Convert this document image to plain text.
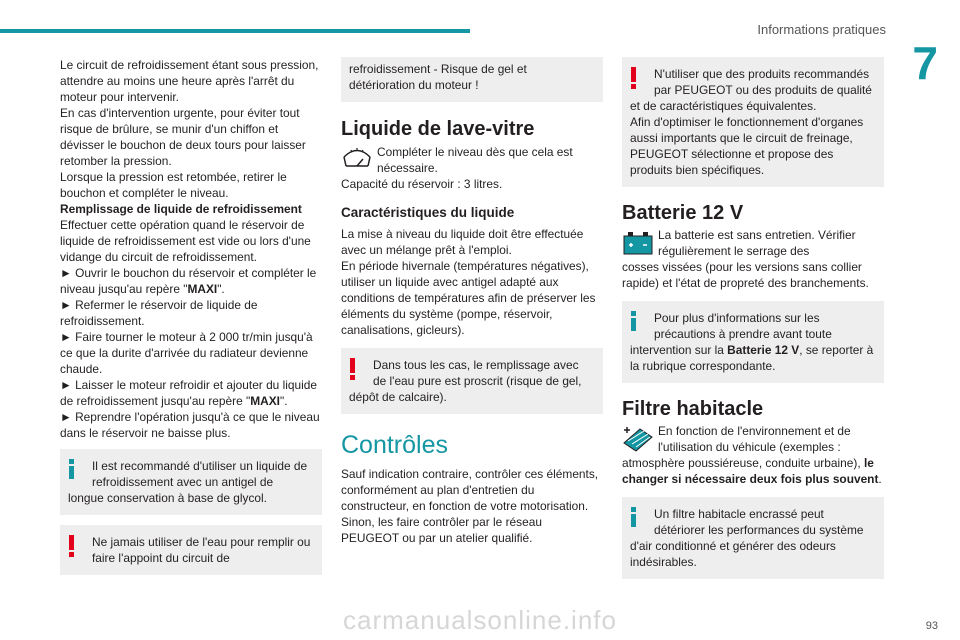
Informations pratiques
7
Le circuit de refroidissement étant sous pression, attendre au moins une heure après l'arrêt du moteur pour intervenir.
En cas d'intervention urgente, pour éviter tout risque de brûlure, se munir d'un chiffon et dévisser le bouchon de deux tours pour laisser retomber la pression.
Lorsque la pression est retombée, retirer le bouchon et compléter le niveau.
Remplissage de liquide de refroidissement
Effectuer cette opération quand le réservoir de liquide de refroidissement est vide ou lors d'une vidange du circuit de refroidissement.
► Ouvrir le bouchon du réservoir et compléter le niveau jusqu'au repère "MAXI".
► Refermer le réservoir de liquide de refroidissement.
► Faire tourner le moteur à 2 000 tr/min jusqu'à ce que la durite d'arrivée du radiateur devienne chaude.
► Laisser le moteur refroidir et ajouter du liquide de refroidissement jusqu'au repère "MAXI".
► Reprendre l'opération jusqu'à ce que le niveau dans le réservoir ne baisse plus.
Il est recommandé d'utiliser un liquide de refroidissement avec un antigel de
longue conservation à base de glycol.
Ne jamais utiliser de l'eau pour remplir ou faire l'appoint du circuit de
refroidissement - Risque de gel et détérioration du moteur !
Liquide de lave-vitre
Compléter le niveau dès que cela est nécessaire.
Capacité du réservoir : 3 litres.
Caractéristiques du liquide
La mise à niveau du liquide doit être effectuée avec un mélange prêt à l'emploi.
En période hivernale (températures négatives), utiliser un liquide avec antigel adapté aux conditions de températures afin de préserver les éléments du système (pompe, réservoir, canalisations, gicleurs).
Dans tous les cas, le remplissage avec de l'eau pure est proscrit (risque de gel,
dépôt de calcaire).
Contrôles
Sauf indication contraire, contrôler ces éléments, conformément au plan d'entretien du constructeur, en fonction de votre motorisation. Sinon, les faire contrôler par le réseau PEUGEOT ou par un atelier qualifié.
N'utiliser que des produits recommandés par PEUGEOT ou des produits de qualité
et de caractéristiques équivalentes.
Afin d'optimiser le fonctionnement d'organes aussi importants que le circuit de freinage, PEUGEOT sélectionne et propose des produits bien spécifiques.
Batterie 12 V
La batterie est sans entretien. Vérifier régulièrement le serrage des
cosses vissées (pour les versions sans collier rapide) et l'état de propreté des branchements.
Pour plus d'informations sur les précautions à prendre avant toute
intervention sur la Batterie 12 V, se reporter à la rubrique correspondante.
Filtre habitacle
En fonction de l'environnement et de l'utilisation du véhicule (exemples :
atmosphère poussiéreuse, conduite urbaine), le changer si nécessaire deux fois plus souvent.
Un filtre habitacle encrassé peut détériorer les performances du système
d'air conditionné et générer des odeurs indésirables.
carmanualsonline.info	93
